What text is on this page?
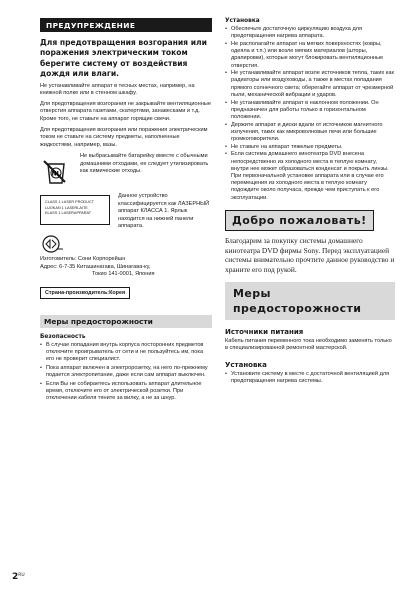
ПРЕДУПРЕЖДЕНИЕ
Для предотвращения возгорания или поражения электрическим током берегите систему от воздействия дождя или влаги.
Не устанавливайте аппарат в тесных местах, например, на книжной полке или в стенном шкафу.
Для предотвращения возгорания не закрывайте вентиляционные отверстия аппарата газетами, скатертями, занавесками и т.д. Кроме того, не ставьте на аппарат горящие свечи.
Для предотвращения возгорания или поражения электрическим током не ставьте на систему предметы, наполненные жидкостями, например, вазы.
NL
Не выбрасывайте батарейку вместе с обычными домашними отходами, ее следует утилизировать как химические отходы.
CLASS 1 LASER PRODUCT
LUOKAN 1 LASERLAITE
KLASS 1 LASERAPPARAT
Данное устройство классифицируется как ЛАЗЕРНЫЙ аппарат КЛАССА 1. Ярлык находится на нижней панели аппарата.
Изготовитель: Сони Корпорейшн
Адрес: 6-7-35 Киташинагава, Шинагава-ку,
Токио 141-0001, Япония
Страна-производитель:Корея
Меры предосторожности
Безопасность
• В случае попадания внутрь корпуса посторонних предметов отключите проигрыватель от сети и не пользуйтесь им, пока его не проверит специалист.
• Пока аппарат включен в электророзетку, на него по-прежнему подается электропитание, даже если сам аппарат выключен.
• Если Вы не собираетесь использовать аппарат длительное время, отключите его от электрической розетки. При отключении кабеля тяните за вилку, а не за шнур.
Установка
• Обеспечьте достаточную циркуляцию воздуха для предотвращения нагрева аппарата.
• Не располагайте аппарат на мягких поверхностях (ковры, одеяла и т.п.) или возле мягких материалов (шторы, драпировки), которые могут блокировать вентиляционные отверстия.
• Не устанавливайте аппарат возле источников тепла, таких как радиаторы или воздуховоды, а также в местах попадания прямого солнечного света; оберегайте аппарат от чрезмерной пыли, механической вибрации и ударов.
• Не устанавливайте аппарат в наклонном положении. Он предназначен для работы только в горизонтальном положении.
• Держите аппарат и диски вдали от источников магнитного излучения, таких как микроволновые печи или большие громкоговорители.
• Не ставьте на аппарат тяжелые предметы.
• Если система домашнего кинотеатра DVD внесена непосредственно из холодного места в теплую комнату, внутри нее может образоваться конденсат и покрыть линзы. При первоначальной установке аппарата или в случае его перемещения из холодного места в теплую комнату подождите около получаса, прежде чем приступать к его эксплуатации.
Добро пожаловать!
Благодарим за покупку системы домашнего кинотеатра DVD фирмы Sony. Перед эксплуатацией системы внимательно прочтите данное руководство и храните его под рукой.
Меры предосторожности
Источники питания
Кабель питания переменного тока необходимо заменять только в специализированной ремонтной мастерской.
Установка
• Установите систему в месте с достаточной вентиляцией для предотвращения нагрева системы.
$2^{RU}$
